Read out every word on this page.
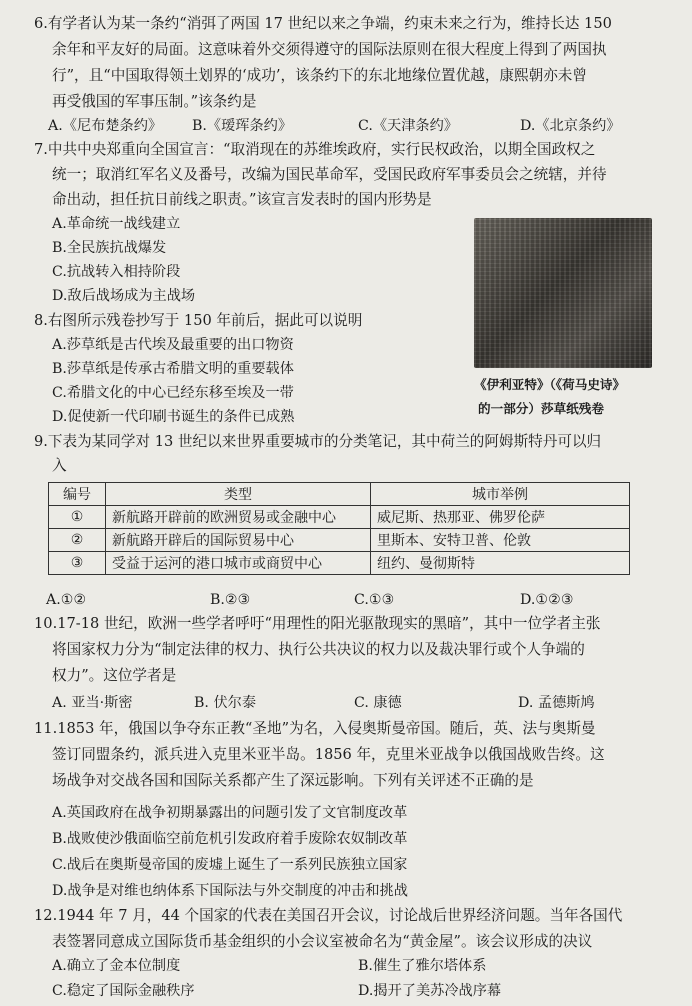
6.有学者认为某一条约“消弭了两国 17 世纪以来之争端，约束未来之行为，维持长达 150
余年和平友好的局面。这意味着外交须得遵守的国际法原则在很大程度上得到了两国执
行”，且“中国取得领土划界的‘成功’，该条约下的东北地缘位置优越，康熙朝亦未曾
再受俄国的军事压制。”该条约是
A.《尼布楚条约》 B.《瑷珲条约》	C.《天津条约》	D.《北京条约》
7.中共中央郑重向全国宣言：“取消现在的苏维埃政府，实行民权政治，以期全国政权之
统一；取消红军名义及番号，改编为国民革命军，受国民政府军事委员会之统辖，并待
命出动，担任抗日前线之职责。”该宣言发表时的国内形势是
A.革命统一战线建立
B.全民族抗战爆发
C.抗战转入相持阶段
D.敌后战场成为主战场
《伊利亚特》（《荷马史诗》
的一部分）莎草纸残卷
8.右图所示残卷抄写于 150 年前后，据此可以说明
A.莎草纸是古代埃及最重要的出口物资
B.莎草纸是传承古希腊文明的重要载体
C.希腊文化的中心已经东移至埃及一带
D.促使新一代印刷书诞生的条件已成熟
9.下表为某同学对 13 世纪以来世界重要城市的分类笔记，其中荷兰的阿姆斯特丹可以归
入
编号	类型	城市举例
①	新航路开辟前的欧洲贸易或金融中心	威尼斯、热那亚、佛罗伦萨
②	新航路开辟后的国际贸易中心	里斯本、安特卫普、伦敦
③	受益于运河的港口城市或商贸中心	纽约、曼彻斯特
A.①②	B.②③	C.①③	D.①②③
10.17-18 世纪，欧洲一些学者呼吁“用理性的阳光驱散现实的黑暗”，其中一位学者主张
将国家权力分为“制定法律的权力、执行公共决议的权力以及裁决罪行或个人争端的
权力”。这位学者是
A. 亚当·斯密	B. 伏尔泰	C. 康德	D. 孟德斯鸠
11.1853 年，俄国以争夺东正教“圣地”为名，入侵奥斯曼帝国。随后，英、法与奥斯曼
签订同盟条约，派兵进入克里米亚半岛。1856 年，克里米亚战争以俄国战败告终。这
场战争对交战各国和国际关系都产生了深远影响。下列有关评述不正确的是
A.英国政府在战争初期暴露出的问题引发了文官制度改革
B.战败使沙俄面临空前危机引发政府着手废除农奴制改革
C.战后在奥斯曼帝国的废墟上诞生了一系列民族独立国家
D.战争是对维也纳体系下国际法与外交制度的冲击和挑战
12.1944 年 7 月，44 个国家的代表在美国召开会议，讨论战后世界经济问题。当年各国代
表签署同意成立国际货币基金组织的小会议室被命名为“黄金屋”。该会议形成的决议
A.确立了金本位制度	B.催生了雅尔塔体系
C.稳定了国际金融秩序	D.揭开了美苏冷战序幕
